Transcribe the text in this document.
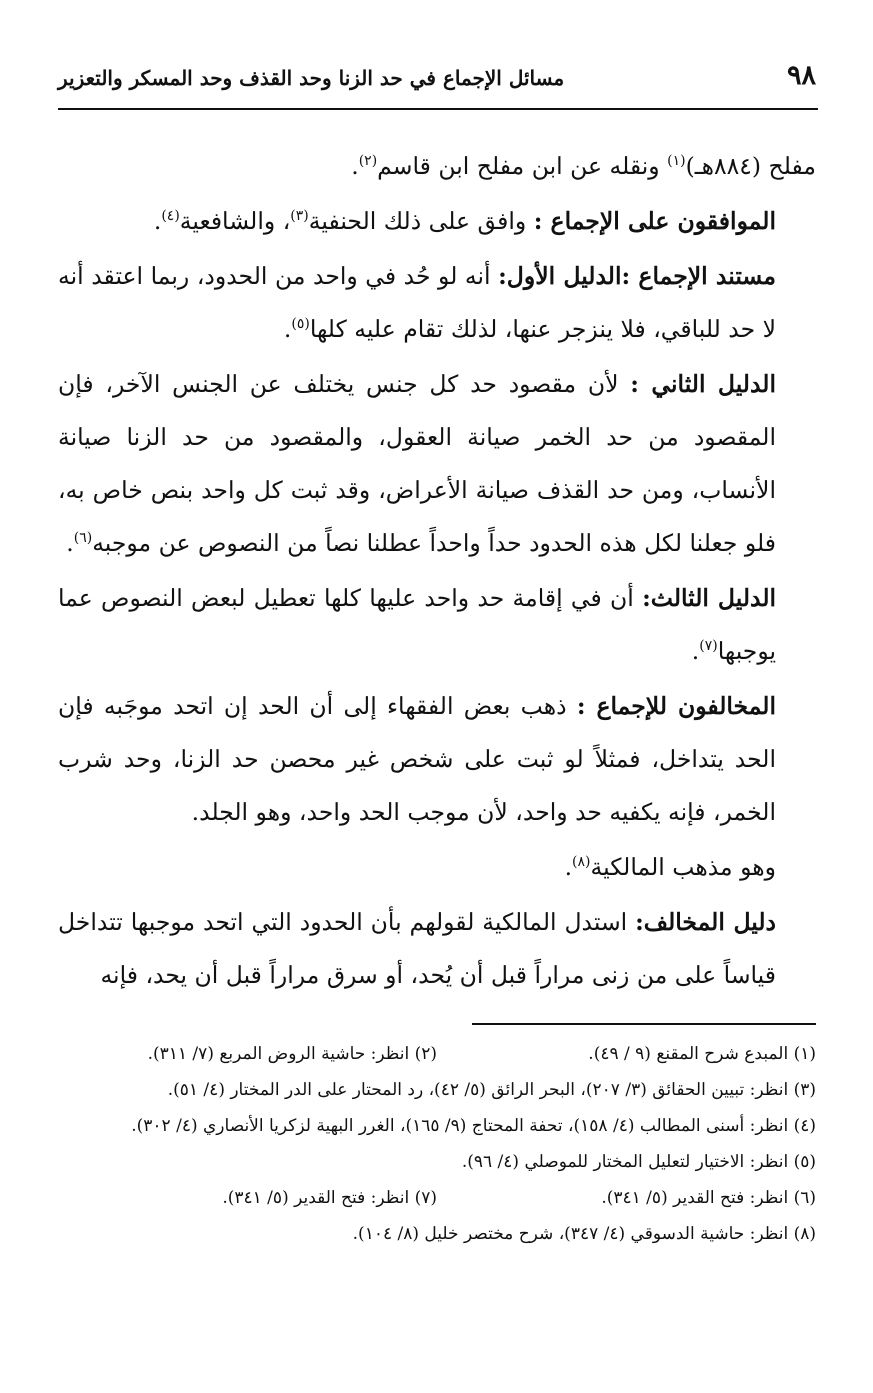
٩٨
مسائل الإجماع في حد الزنا وحد القذف وحد المسكر والتعزير

مفلح (٨٨٤هـ)$^{(١)}$ ونقله عن ابن مفلح ابن قاسم$^{(٢)}$.

الموافقون على الإجماع : وافق على ذلك الحنفية$^{(٣)}$، والشافعية$^{(٤)}$.

مستند الإجماع :الدليل الأول: أنه لو حُد في واحد من الحدود، ربما اعتقد أنه لا حد للباقي، فلا ينزجر عنها، لذلك تقام عليه كلها$^{(٥)}$.

الدليل الثاني : لأن مقصود حد كل جنس يختلف عن الجنس الآخر، فإن المقصود من حد الخمر صيانة العقول، والمقصود من حد الزنا صيانة الأنساب، ومن حد القذف صيانة الأعراض، وقد ثبت كل واحد بنص خاص به، فلو جعلنا لكل هذه الحدود حداً واحداً عطلنا نصاً من النصوص عن موجبه$^{(٦)}$.

الدليل الثالث: أن في إقامة حد واحد عليها كلها تعطيل لبعض النصوص عما يوجبها$^{(٧)}$.

المخالفون للإجماع : ذهب بعض الفقهاء إلى أن الحد إن اتحد موجَبه فإن الحد يتداخل، فمثلاً لو ثبت على شخص غير محصن حد الزنا، وحد شرب الخمر، فإنه يكفيه حد واحد، لأن موجب الحد واحد، وهو الجلد.

وهو مذهب المالكية$^{(٨)}$.

دليل المخالف: استدل المالكية لقولهم بأن الحدود التي اتحد موجبها تتداخل قياساً على من زنى مراراً قبل أن يُحد، أو سرق مراراً قبل أن يحد، فإنه

(١) المبدع شرح المقنع (٩ / ٤٩).
(٢) انظر: حاشية الروض المربع (٧/ ٣١١).
(٣) انظر: تبيين الحقائق (٣/ ٢٠٧)، البحر الرائق (٥/ ٤٢)، رد المحتار على الدر المختار (٤/ ٥١).
(٤) انظر: أسنى المطالب (٤/ ١٥٨)، تحفة المحتاج (٩/ ١٦٥)، الغرر البهية لزكريا الأنصاري (٤/ ٣٠٢).
(٥) انظر: الاختيار لتعليل المختار للموصلي (٤/ ٩٦).
(٦) انظر: فتح القدير (٥/ ٣٤١).
(٧) انظر: فتح القدير (٥/ ٣٤١).
(٨) انظر: حاشية الدسوقي (٤/ ٣٤٧)، شرح مختصر خليل (٨/ ١٠٤).
